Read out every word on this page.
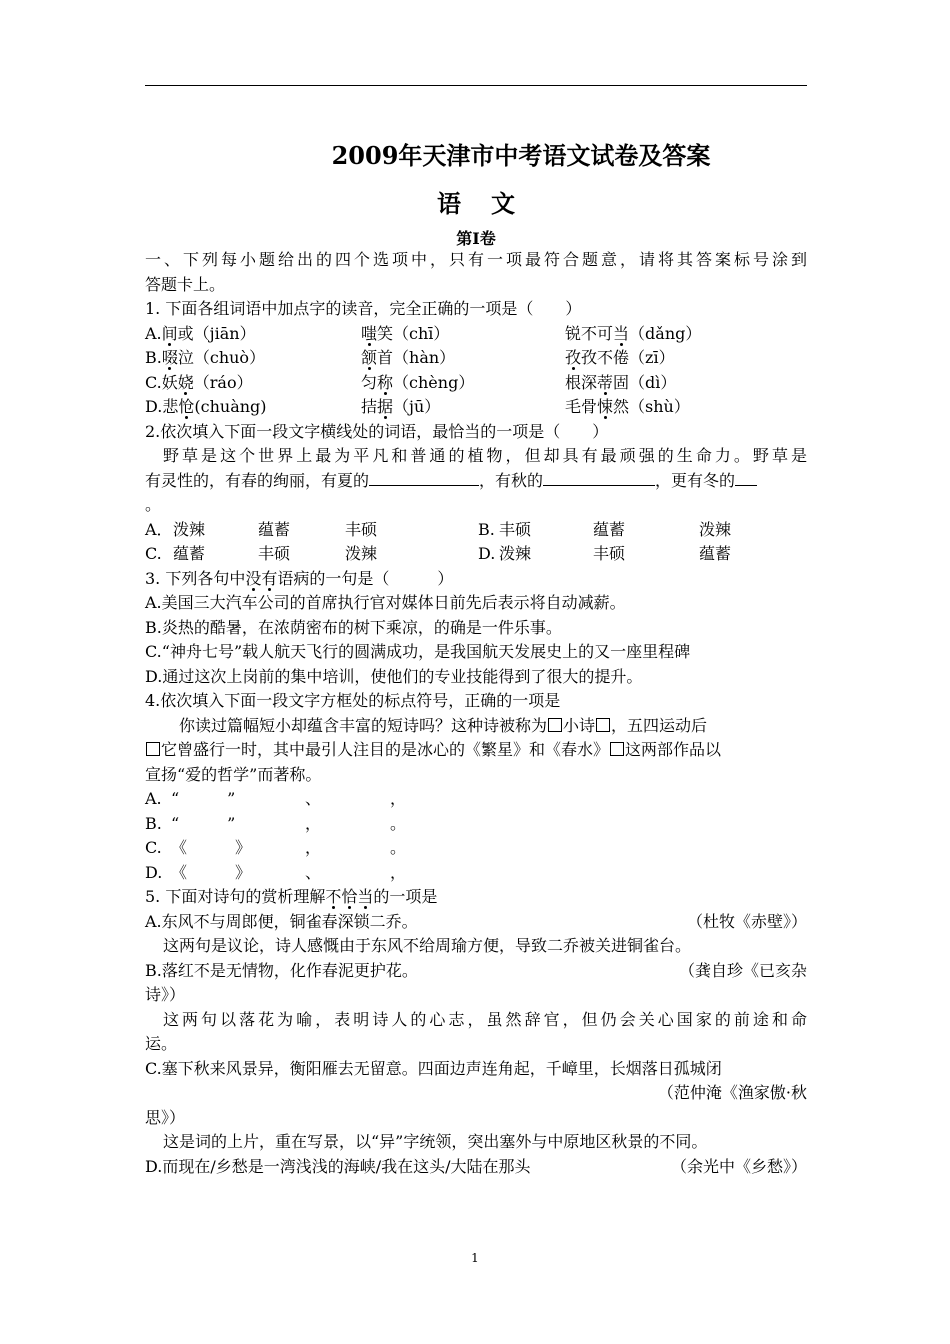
2009年天津市中考语文试卷及答案
语文
第Ⅰ卷
一、下列每小题给出的四个选项中，只有一项最符合题意，请将其答案标号涂到
答题卡上。
1. 下面各组词语中加点字的读音，完全正确的一项是（　　）
A.间或（jiān）	嗤笑（chī）	锐不可当（dǎng）
B.啜泣（chuò）	颔首（hàn）	孜孜不倦（zī）
C.妖娆（ráo）	匀称（chèng）	根深蒂固（dì）
D.悲怆(chuàng)	拮据（jū）	毛骨悚然（shù）
2.依次填入下面一段文字横线处的词语，最恰当的一项是（　　）
野草是这个世界上最为平凡和普通的植物，但却具有最顽强的生命力。野草是
有灵性的，有春的绚丽，有夏的	，有秋的	，更有冬的
。
A． 泼辣	蕴蓄	丰硕	B. 丰硕	蕴蓄	泼辣
C. 蕴蓄	丰硕	泼辣	D. 泼辣	丰硕	蕴蓄
3. 下列各句中没有语病的一句是（　　　）
A.美国三大汽车公司的首席执行官对媒体日前先后表示将自动减薪。
B.炎热的酷暑，在浓荫密布的树下乘凉，的确是一件乐事。
C.“神舟七号”载人航天飞行的圆满成功，是我国航天发展史上的又一座里程碑
D.通过这次上岗前的集中培训，使他们的专业技能得到了很大的提升。
4.依次填入下面一段文字方框处的标点符号，正确的一项是
你读过篇幅短小却蕴含丰富的短诗吗？这种诗被称为 小诗 ，五四运动后
它曾盛行一时，其中最引人注目的是冰心的《繁星》和《春水》 这两部作品以
宣扬“爱的哲学”而著称。
A. “　　　”	、	，
B. “　　　”	，	。
C. 《　　　》	，	。
D. 《　　　》	、	，
5. 下面对诗句的赏析理解不恰当的一项是
A.东风不与周郎便，铜雀春深锁二乔。	（杜牧《赤壁》）
这两句是议论，诗人感慨由于东风不给周瑜方便，导致二乔被关进铜雀台。
B.落红不是无情物，化作春泥更护花。	（龚自珍《已亥杂
诗》）
这两句以落花为喻，表明诗人的心志，虽然辞官，但仍会关心国家的前途和命
运。
C.塞下秋来风景异，衡阳雁去无留意。四面边声连角起，千嶂里，长烟落日孤城闭
（范仲淹《渔家傲·秋
思》）
这是词的上片，重在写景，以“异”字统领，突出塞外与中原地区秋景的不同。
D.而现在/乡愁是一湾浅浅的海峡/我在这头/大陆在那头	（余光中《乡愁》）
1
